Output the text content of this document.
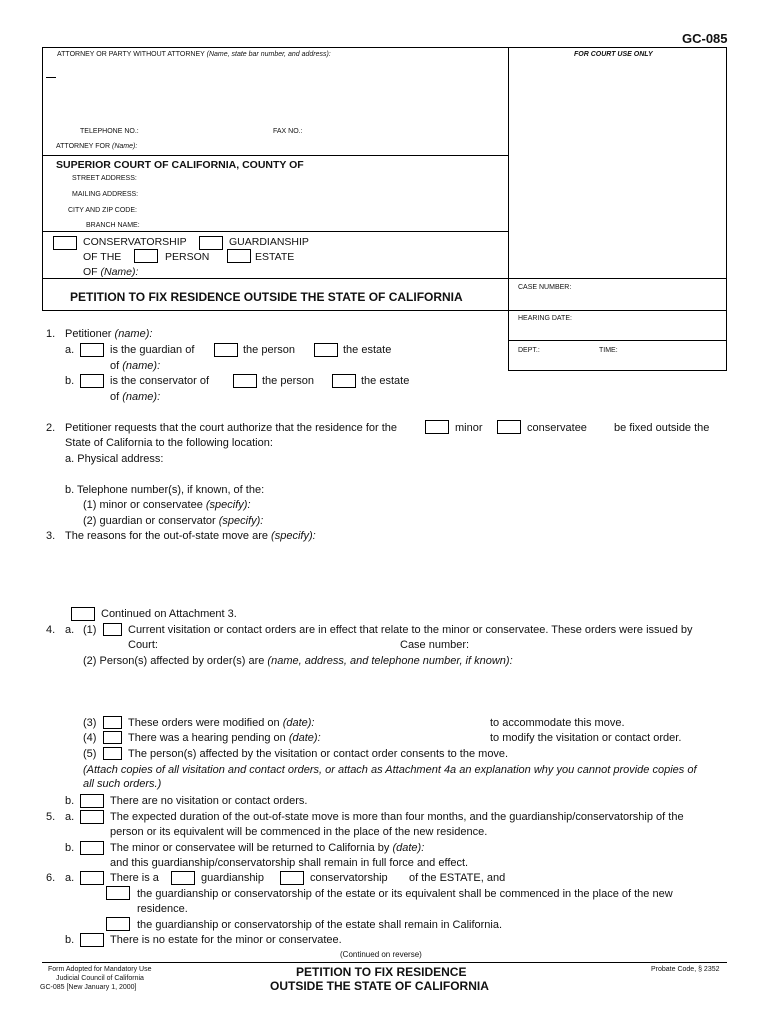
GC-085
ATTORNEY OR PARTY WITHOUT ATTORNEY (Name, state bar number, and address):	FOR COURT USE ONLY
TELEPHONE NO.:	FAX NO.:
ATTORNEY FOR (Name):
SUPERIOR COURT OF CALIFORNIA, COUNTY OF
STREET ADDRESS:
MAILING ADDRESS:
CITY AND ZIP CODE:
BRANCH NAME:
CONSERVATORSHIP	GUARDIANSHIP
OF THE	PERSON	ESTATE
OF (Name):
PETITION TO FIX RESIDENCE OUTSIDE THE STATE OF CALIFORNIA
CASE NUMBER:
HEARING DATE:
DEPT.:	TIME:
1. Petitioner (name):
a.	is the guardian of	the person	the estate
of (name):
b.	is the conservator of	the person	the estate
of (name):
2. Petitioner requests that the court authorize that the residence for the	minor	conservatee be fixed outside the
State of California to the following location:
a. Physical address:
b. Telephone number(s), if known, of the:
(1) minor or conservatee (specify):
(2) guardian or conservator (specify):
3. The reasons for the out-of-state move are (specify):
Continued on Attachment 3.
4. a. (1)	Current visitation or contact orders are in effect that relate to the minor or conservatee. These orders were issued by
Court:	Case number:
(2) Person(s) affected by order(s) are (name, address, and telephone number, if known):
(3)	These orders were modified on (date):	to accommodate this move.
(4)	There was a hearing pending on (date):	to modify the visitation or contact order.
(5)	The person(s) affected by the visitation or contact order consents to the move.
(Attach copies of all visitation and contact orders, or attach as Attachment 4a an explanation why you cannot provide copies of
all such orders.)
b.	There are no visitation or contact orders.
5. a.	The expected duration of the out-of-state move is more than four months, and the guardianship/conservatorship of the
person or its equivalent will be commenced in the place of the new residence.
b.	The minor or conservatee will be returned to California by (date):
and this guardianship/conservatorship shall remain in full force and effect.
6. a.	There is a	guardianship	conservatorship of the ESTATE, and
the guardianship or conservatorship of the estate or its equivalent shall be commenced in the place of the new
residence.
the guardianship or conservatorship of the estate shall remain in California.
b.	There is no estate for the minor or conservatee.
(Continued on reverse)
Form Adopted for Mandatory Use
Judicial Council of California
GC-085 [New January 1, 2000]
PETITION TO FIX RESIDENCE
OUTSIDE THE STATE OF CALIFORNIA
Probate Code, § 2352
